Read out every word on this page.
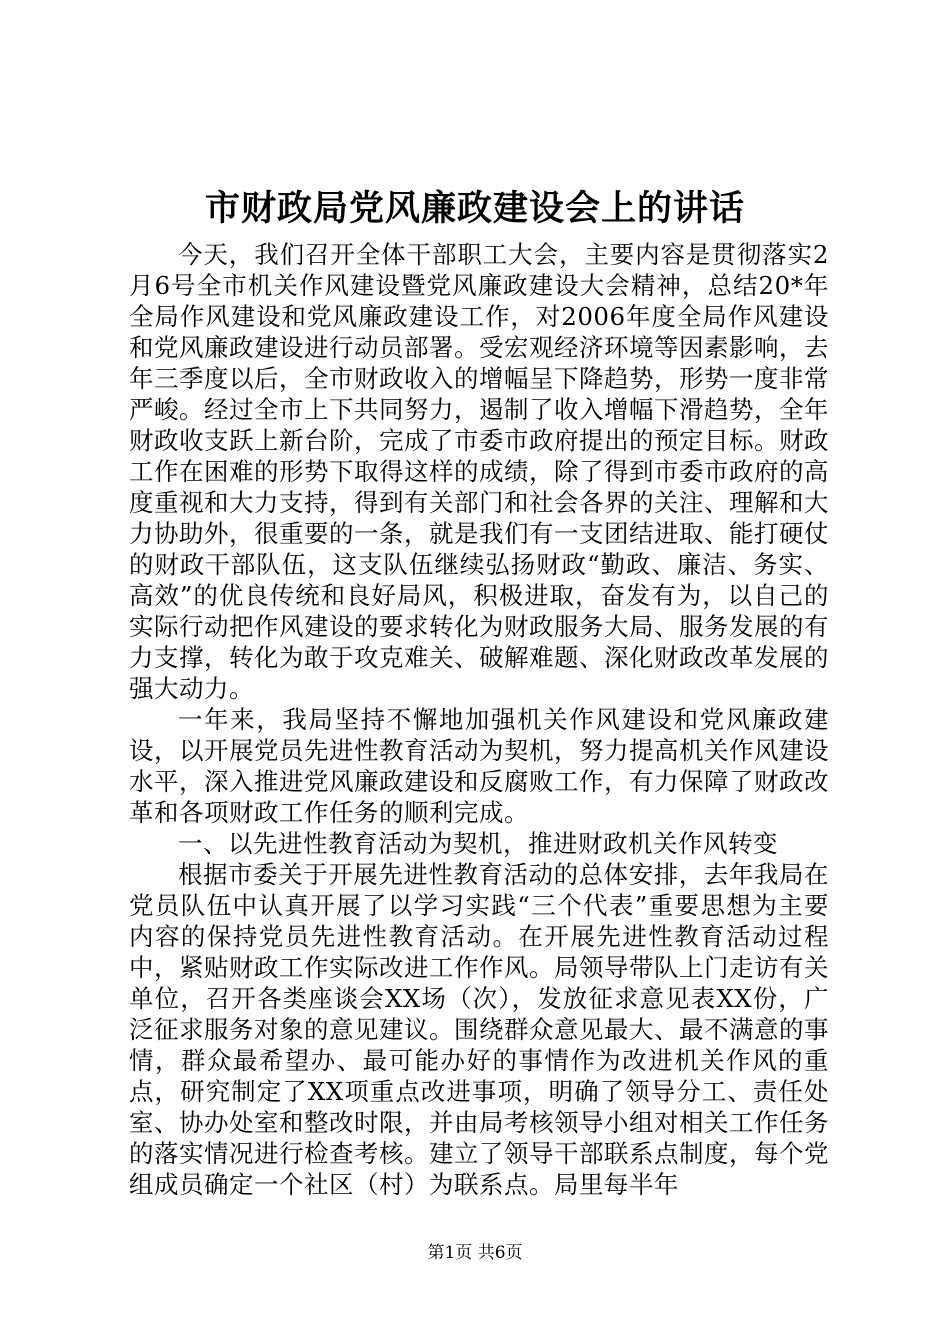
市财政局党风廉政建设会上的讲话

今天，我们召开全体干部职工大会，主要内容是贯彻落实2月6号全市机关作风建设暨党风廉政建设大会精神，总结20*年全局作风建设和党风廉政建设工作，对2006年度全局作风建设和党风廉政建设进行动员部署。受宏观经济环境等因素影响，去年三季度以后，全市财政收入的增幅呈下降趋势，形势一度非常严峻。经过全市上下共同努力，遏制了收入增幅下滑趋势，全年财政收支跃上新台阶，完成了市委市政府提出的预定目标。财政工作在困难的形势下取得这样的成绩，除了得到市委市政府的高度重视和大力支持，得到有关部门和社会各界的关注、理解和大力协助外，很重要的一条，就是我们有一支团结进取、能打硬仗的财政干部队伍，这支队伍继续弘扬财政“勤政、廉洁、务实、高效”的优良传统和良好局风，积极进取，奋发有为，以自己的实际行动把作风建设的要求转化为财政服务大局、服务发展的有力支撑，转化为敢于攻克难关、破解难题、深化财政改革发展的强大动力。

一年来，我局坚持不懈地加强机关作风建设和党风廉政建设，以开展党员先进性教育活动为契机，努力提高机关作风建设水平，深入推进党风廉政建设和反腐败工作，有力保障了财政改革和各项财政工作任务的顺利完成。

一、以先进性教育活动为契机，推进财政机关作风转变

根据市委关于开展先进性教育活动的总体安排，去年我局在党员队伍中认真开展了以学习实践“三个代表”重要思想为主要内容的保持党员先进性教育活动。在开展先进性教育活动过程中，紧贴财政工作实际改进工作作风。局领导带队上门走访有关单位，召开各类座谈会XX场（次），发放征求意见表XX份，广泛征求服务对象的意见建议。围绕群众意见最大、最不满意的事情，群众最希望办、最可能办好的事情作为改进机关作风的重点，研究制定了XX项重点改进事项，明确了领导分工、责任处室、协办处室和整改时限，并由局考核领导小组对相关工作任务的落实情况进行检查考核。建立了领导干部联系点制度，每个党组成员确定一个社区（村）为联系点。局里每半年

第1页 共6页
